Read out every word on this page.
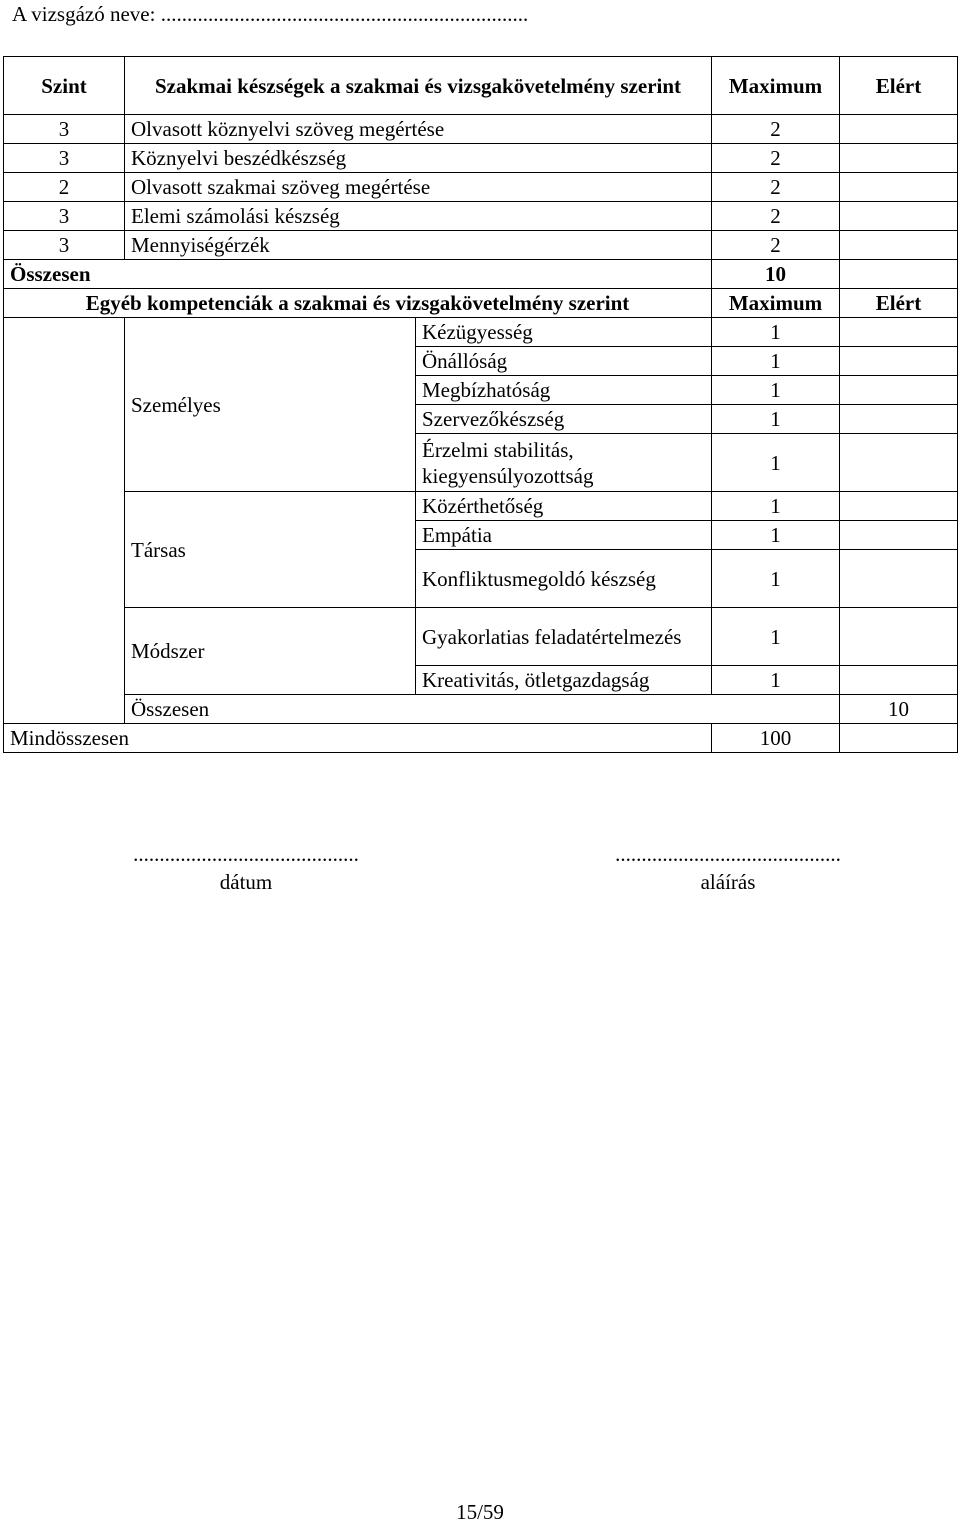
A vizsgázó neve: ......................................................................
Szint	Szakmai készségek a szakmai és vizsgakövetelmény szerint		Maximum	Elért	
3	Olvasott köznyelvi szöveg megértése		2		
3	Köznyelvi beszédkészség		2		
2	Olvasott szakmai szöveg megértése		2		
3	Elemi számolási készség		2		
3	Mennyiségérzék		2		
Összesen			10		
Egyéb kompetenciák a szakmai és vizsgakövetelmény szerint			Maximum	Elért	
	Személyes	Kézügyesség	1		
		Önállóság	1		
		Megbízhatóság	1		
		Szervezőkészség	1		
		Érzelmi stabilitás, kiegyensúlyozottság	1		
	Társas	Közérthetőség	1		
		Empátia	1		
		Konfliktusmegoldó készség	1		
	Módszer	Gyakorlatias feladatértelmezés	1		
		Kreativitás, ötletgazdagság	1		
	Összesen			10	
Mindösszesen			100		
...........................................
dátum
...........................................
aláírás
15/59
